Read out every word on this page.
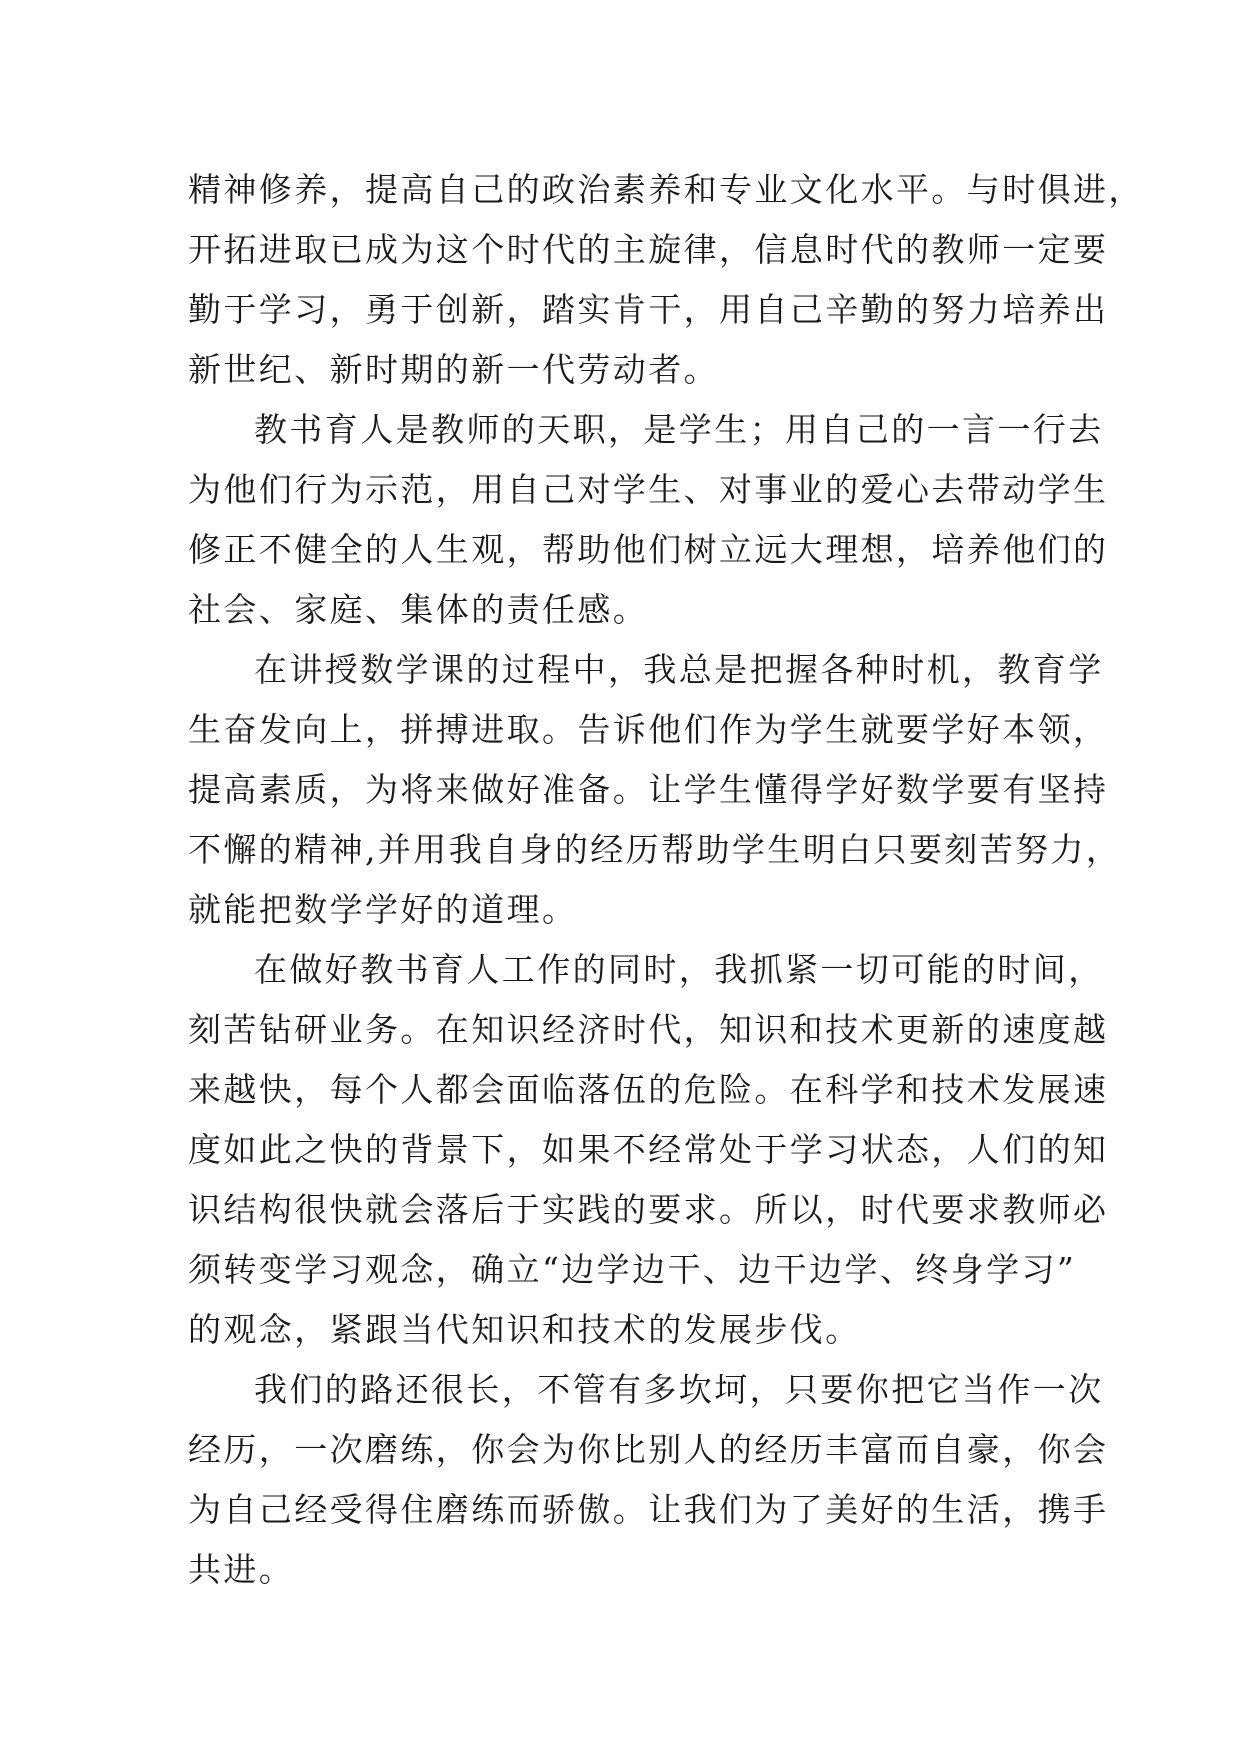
精神修养，提高自己的政治素养和专业文化水平。与时俱进，
开拓进取已成为这个时代的主旋律，信息时代的教师一定要
勤于学习，勇于创新，踏实肯干，用自己辛勤的努力培养出
新世纪、新时期的新一代劳动者。
教书育人是教师的天职，是学生；用自己的一言一行去
为他们行为示范，用自己对学生、对事业的爱心去带动学生
修正不健全的人生观，帮助他们树立远大理想，培养他们的
社会、家庭、集体的责任感。
在讲授数学课的过程中，我总是把握各种时机，教育学
生奋发向上，拼搏进取。告诉他们作为学生就要学好本领，
提高素质，为将来做好准备。让学生懂得学好数学要有坚持
不懈的精神,并用我自身的经历帮助学生明白只要刻苦努力，
就能把数学学好的道理。
在做好教书育人工作的同时，我抓紧一切可能的时间，
刻苦钻研业务。在知识经济时代，知识和技术更新的速度越
来越快，每个人都会面临落伍的危险。在科学和技术发展速
度如此之快的背景下，如果不经常处于学习状态，人们的知
识结构很快就会落后于实践的要求。所以，时代要求教师必
须转变学习观念，确立“边学边干、边干边学、终身学习”
的观念，紧跟当代知识和技术的发展步伐。
我们的路还很长，不管有多坎坷，只要你把它当作一次
经历，一次磨练，你会为你比别人的经历丰富而自豪，你会
为自己经受得住磨练而骄傲。让我们为了美好的生活，携手
共进。
